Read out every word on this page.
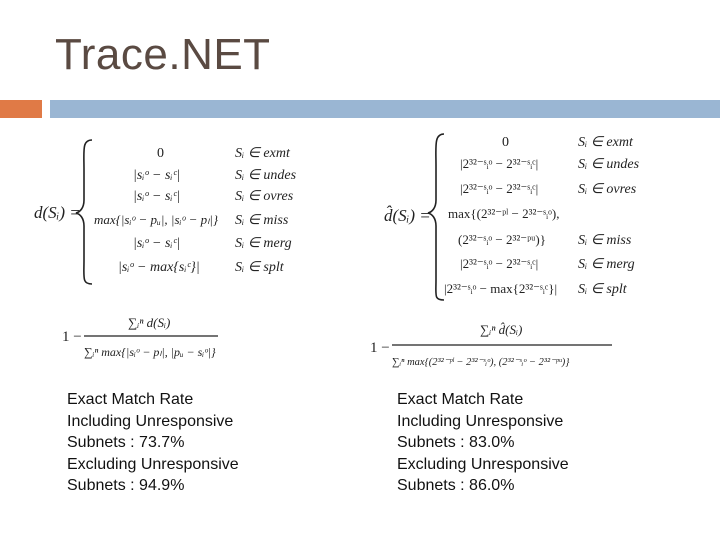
Trace.NET
d(Sᵢ) =
0	Sᵢ ∈ exmt
|sᵢᵒ − sᵢᶜ|	Sᵢ ∈ undes
|sᵢᵒ − sᵢᶜ|	Sᵢ ∈ ovres
max{|sᵢᵒ − pᵤ|, |sᵢᵒ − pₗ|} Sᵢ ∈ miss
|sᵢᵒ − sᵢᶜ|	Sᵢ ∈ merg
|sᵢᵒ − max{sᵢᶜ}|	Sᵢ ∈ splt
1 −
∑ᵢⁿ d(Sᵢ)
∑ᵢⁿ max{|sᵢᵒ − pₗ|, |pᵤ − sᵢᵒ|}
d̂(Sᵢ) =
0	Sᵢ ∈ exmt
|2³²⁻ˢᵢᵒ − 2³²⁻ˢᵢᶜ|	Sᵢ ∈ undes
|2³²⁻ˢᵢᵒ − 2³²⁻ˢᵢᶜ|	Sᵢ ∈ ovres
max{(2³²⁻ᵖˡ − 2³²⁻ˢᵢᵒ),
(2³²⁻ˢᵢᵒ − 2³²⁻ᵖᵘ)} Sᵢ ∈ miss
|2³²⁻ˢᵢᵒ − 2³²⁻ˢᵢᶜ|	Sᵢ ∈ merg
|2³²⁻ˢᵢᵒ − max{2³²⁻ˢᵢᶜ}| Sᵢ ∈ splt
1 −
∑ᵢⁿ d̂(Sᵢ)
∑ᵢⁿ max{(2³²⁻ᵖˡ − 2³²⁻ˢᵢᵒ), (2³²⁻ˢᵢᵒ − 2³²⁻ᵖᵘ)}
Exact Match Rate
Including Unresponsive
Subnets : 73.7%
Excluding Unresponsive
Subnets : 94.9%
Exact Match Rate
Including Unresponsive
Subnets : 83.0%
Excluding Unresponsive
Subnets : 86.0%
